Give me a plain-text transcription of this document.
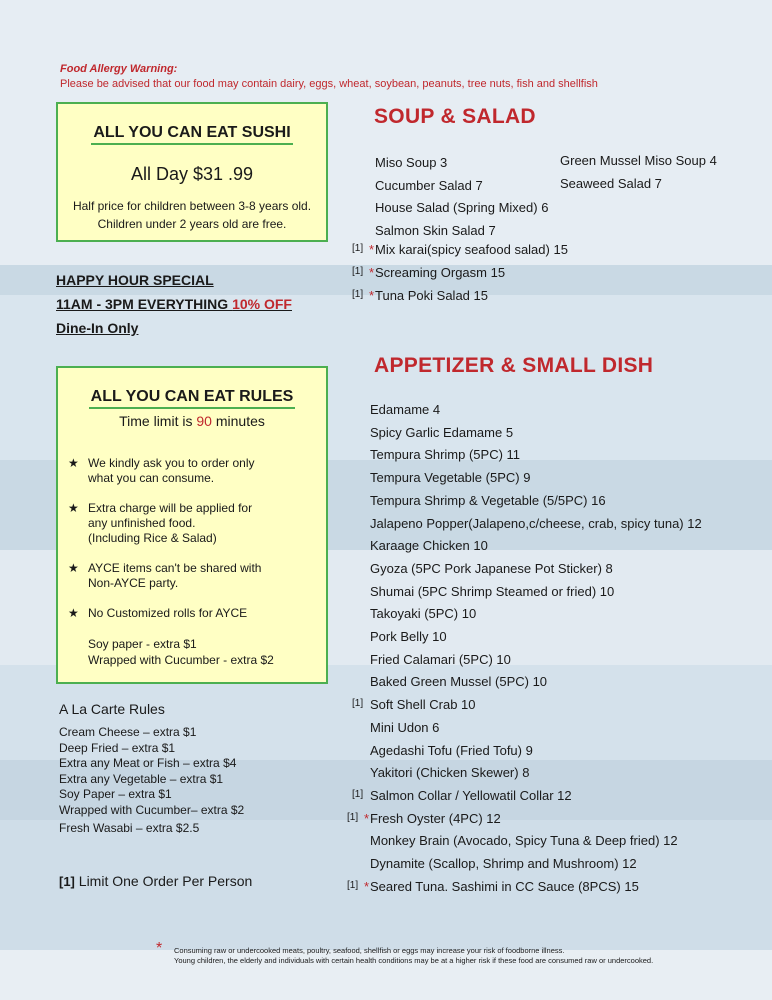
Food Allergy Warning:
Please be advised that our food may contain dairy, eggs, wheat, soybean, peanuts, tree nuts, fish and shellfish
ALL YOU CAN EAT SUSHI
All Day $31 .99
Half price for children between 3-8 years old.
Children under 2 years old are free.
HAPPY HOUR SPECIAL
11AM - 3PM EVERYTHING 10% OFF
Dine-In Only
ALL YOU CAN EAT RULES
Time limit is 90 minutes
★ We kindly ask you to order only
what you can consume.
★ Extra charge will be applied for
any unfinished food.
(Including Rice & Salad)
★ AYCE items can't be shared with
Non-AYCE party.
★ No Customized rolls for AYCE
Soy paper - extra $1
Wrapped with Cucumber - extra $2
A La Carte Rules
Cream Cheese – extra $1
Deep Fried – extra $1
Extra any Meat or Fish – extra $4
Extra any Vegetable – extra $1
Soy Paper – extra $1
Wrapped with Cucumber– extra $2
Fresh Wasabi – extra $2.5
[1] Limit One Order Per Person
SOUP & SALAD
Miso Soup 3
Cucumber Salad 7
House Salad (Spring Mixed) 6
Salmon Skin Salad 7
Green Mussel Miso Soup 4
Seaweed Salad 7
[1] * Mix karai(spicy seafood salad) 15
[1] * Screaming Orgasm 15
[1] * Tuna Poki Salad 15
APPETIZER & SMALL DISH
Edamame 4
Spicy Garlic Edamame 5
Tempura Shrimp (5PC) 11
Tempura Vegetable (5PC) 9
Tempura Shrimp & Vegetable (5/5PC) 16
Jalapeno Popper(Jalapeno,c/cheese, crab, spicy tuna) 12
Karaage Chicken 10
Gyoza (5PC Pork Japanese Pot Sticker) 8
Shumai (5PC Shrimp Steamed or fried) 10
Takoyaki (5PC) 10
Pork Belly 10
Fried Calamari (5PC) 10
Baked Green Mussel (5PC) 10
[1] Soft Shell Crab 10
Mini Udon 6
Agedashi Tofu (Fried Tofu) 9
Yakitori (Chicken Skewer) 8
[1] Salmon Collar / Yellowatil Collar 12
[1] * Fresh Oyster (4PC) 12
Monkey Brain (Avocado, Spicy Tuna & Deep fried) 12
Dynamite (Scallop, Shrimp and Mushroom) 12
[1] * Seared Tuna. Sashimi in CC Sauce (8PCS) 15
* Consuming raw or undercooked meats, poultry, seafood, shellfish or eggs may increase your risk of foodborne illness.
Young children, the elderly and individuals with certain health conditions may be at a higher risk if these food are consumed raw or undercooked.
